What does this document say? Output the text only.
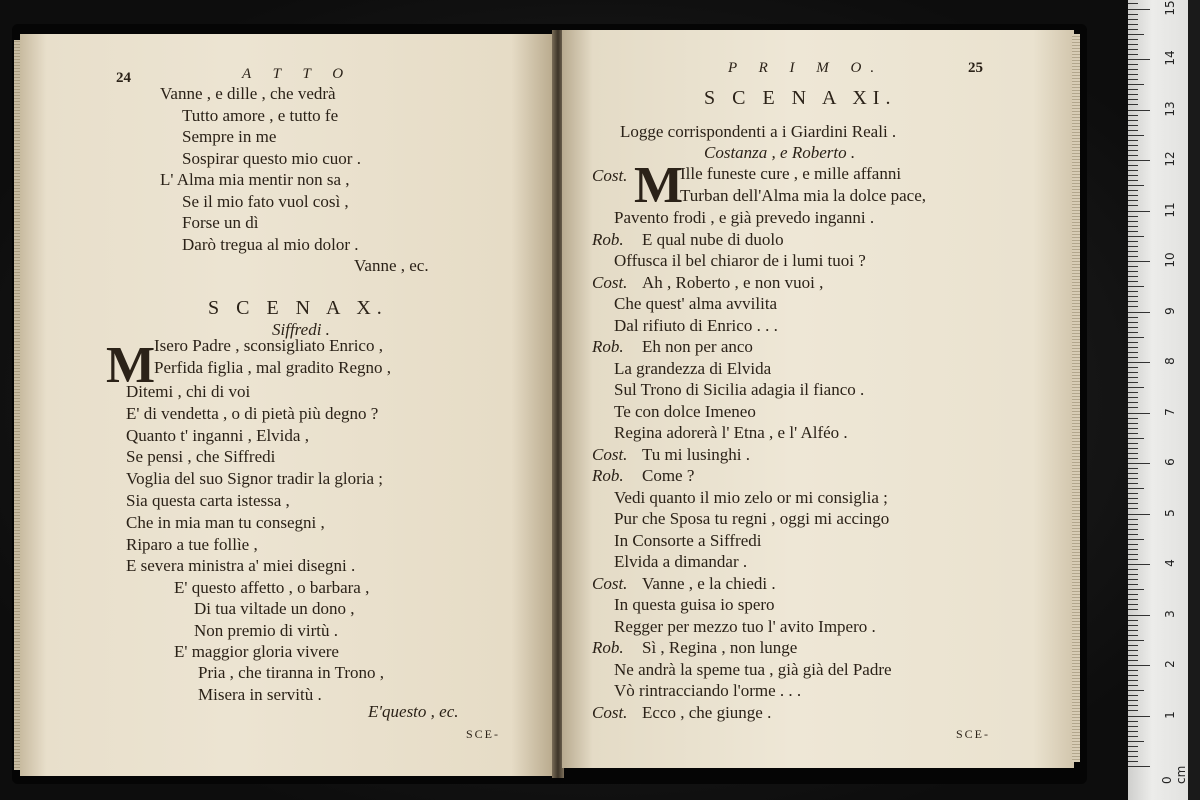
24	A T T O
Vanne , e dille , che vedrà
Tutto amore , e tutto fe
Sempre in me
Sospirar questo mio cuor .
L' Alma mia mentir non sa ,
Se il mio fato vuol così ,
Forse un dì
Darò tregua al mio dolor .
Vanne , ec.
S C E N A X.
Siffredi .
M
Isero Padre , sconsigliato Enrico ,
Perfida figlia , mal gradito Regno ,
Ditemi , chi di voi
E' di vendetta , o di pietà più degno ?
Quanto t' inganni , Elvida ,
Se pensi , che Siffredi
Voglia del suo Signor tradir la gloria ;
Sia questa carta istessa ,
Che in mia man tu consegni ,
Riparo a tue follìe ,
E severa ministra a' miei disegni .
E' questo affetto , o barbara ,
Di tua viltade un dono ,
Non premio di virtù .
E' maggior gloria vivere
Pria , che tiranna in Trono ,
Misera in servitù .
E'questo , ec.
SCE-
P R I M O.	25
S C E N A XI.
Logge corrispondenti a i Giardini Reali .
Costanza , e Roberto .
Cost. M
Ille funeste cure , e mille affanni
Turban dell'Alma mia la dolce pace,
Pavento frodi , e già prevedo inganni .
Rob. E qual nube di duolo
Offusca il bel chiaror de i lumi tuoi ?
Cost. Ah , Roberto , e non vuoi ,
Che quest' alma avvilita
Dal rifiuto di Enrico . . .
Rob. Eh non per anco
La grandezza di Elvida
Sul Trono di Sicilia adagia il fianco .
Te con dolce Imeneo
Regina adorerà l' Etna , e l' Alféo .
Cost. Tu mi lusinghi .
Rob. Come ?
Vedi quanto il mio zelo or mi consiglia ;
Pur che Sposa tu regni , oggi mi accingo
In Consorte a Siffredi
Elvida a dimandar .
Cost. Vanne , e la chiedi .
In questa guisa io spero
Regger per mezzo tuo l' avito Impero .
Rob. Sì , Regina , non lunge
Ne andrà la speme tua , già già del Padre
Vò rintracciando l'orme . . .
Cost. Ecco , che giunge .
SCE-
0 cm
15
14
13
12
11
10
9
8
7
6
5
4
3
2
1
